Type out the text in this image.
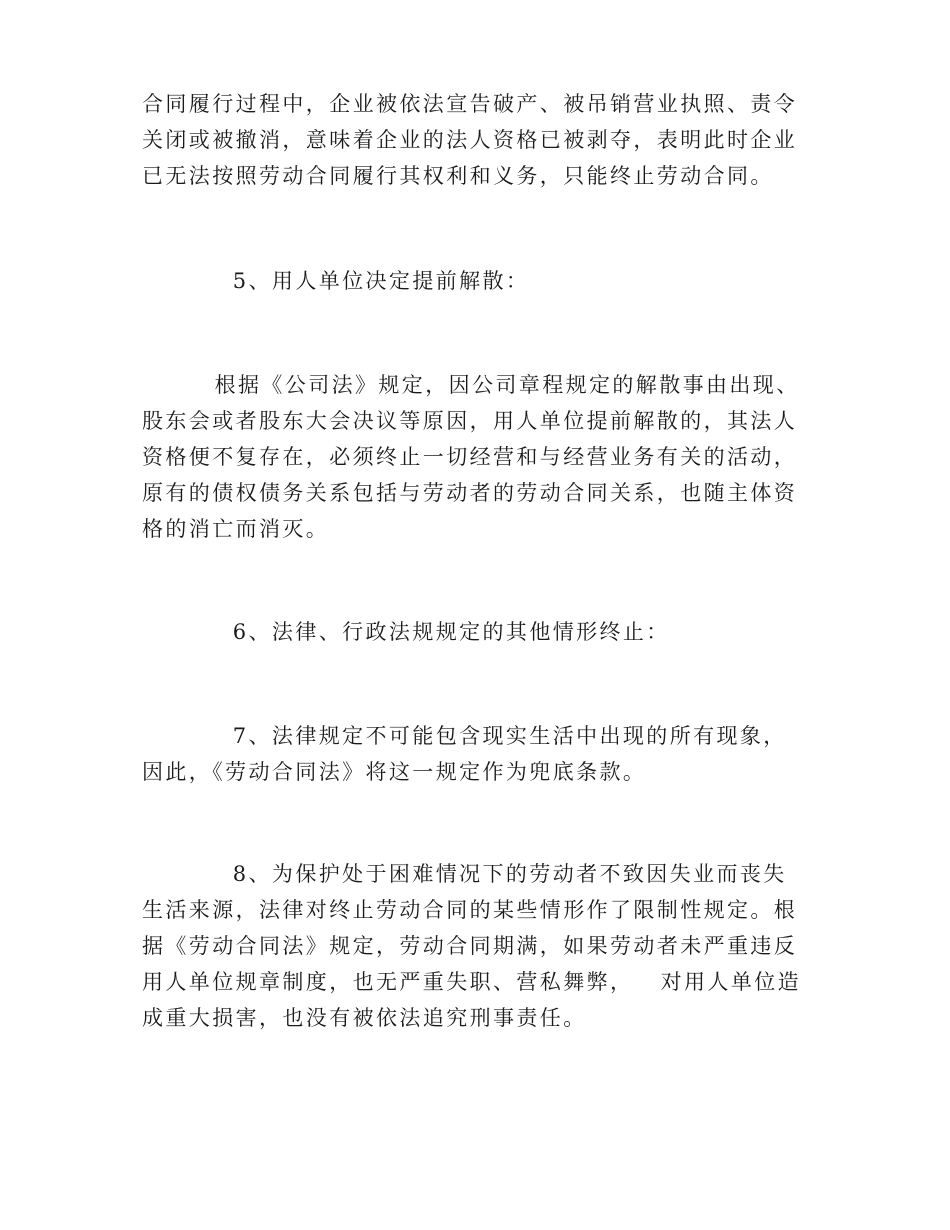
合同履行过程中，企业被依法宣告破产、被吊销营业执照、责令
关闭或被撤消，意味着企业的法人资格已被剥夺，表明此时企业
已无法按照劳动合同履行其权利和义务，只能终止劳动合同。
5、用人单位决定提前解散：
根据《公司法》规定，因公司章程规定的解散事由出现、
股东会或者股东大会决议等原因，用人单位提前解散的，其法人
资格便不复存在，必须终止一切经营和与经营业务有关的活动，
原有的债权债务关系包括与劳动者的劳动合同关系，也随主体资
格的消亡而消灭。
6、法律、行政法规规定的其他情形终止：
7、法律规定不可能包含现实生活中出现的所有现象，
因此，《劳动合同法》将这一规定作为兜底条款。
8、为保护处于困难情况下的劳动者不致因失业而丧失
生活来源，法律对终止劳动合同的某些情形作了限制性规定。根
据《劳动合同法》规定，劳动合同期满，如果劳动者未严重违反
用人单位规章制度，也无严重失职、营私舞弊，   对用人单位造
成重大损害，也没有被依法追究刑事责任。
